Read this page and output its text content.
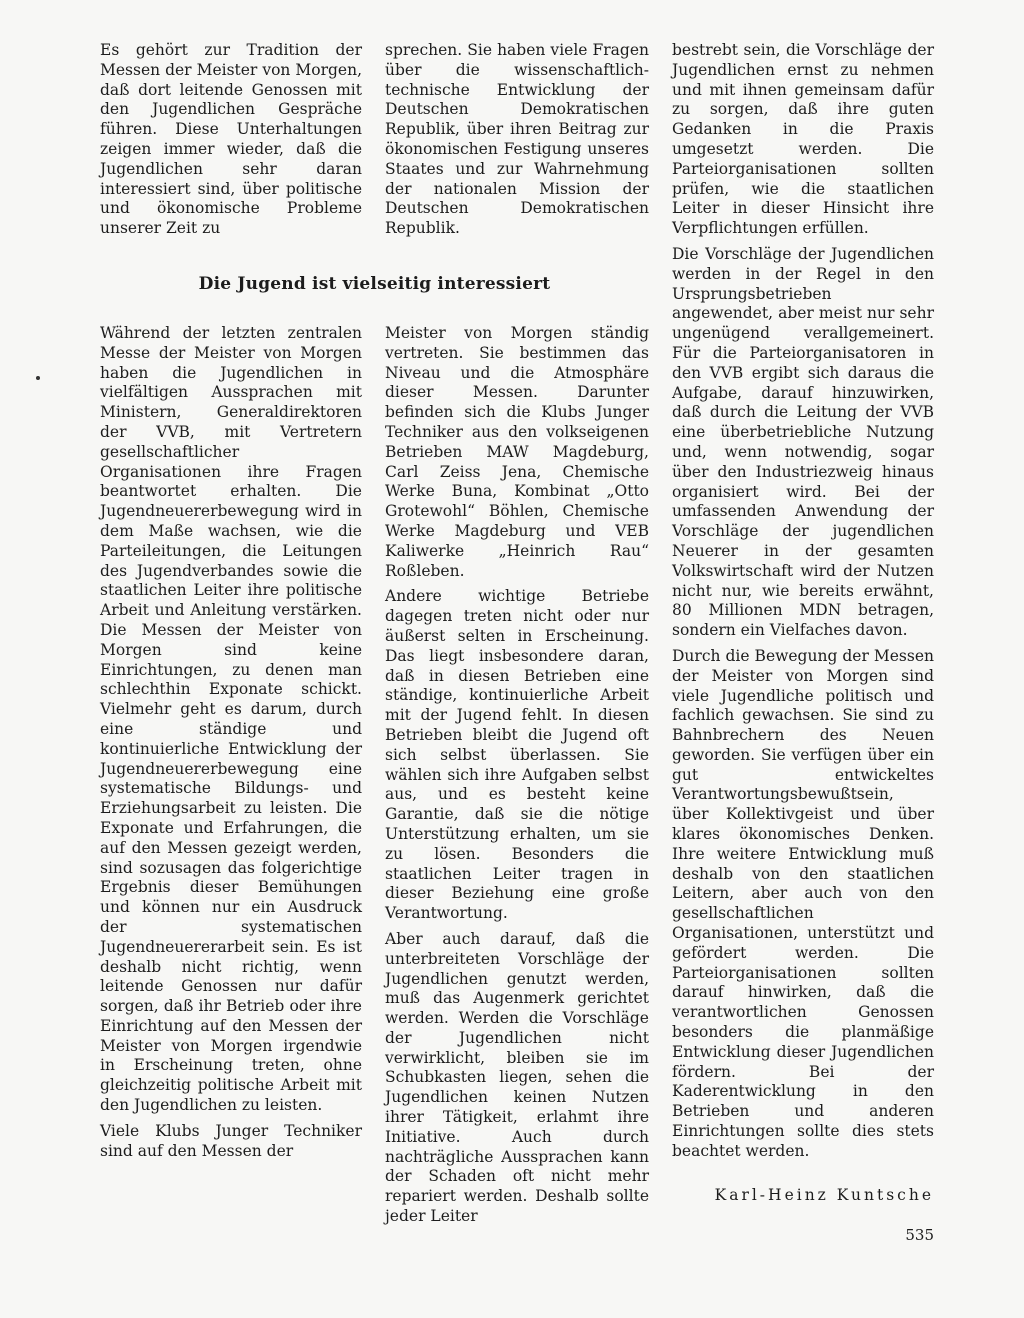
Es gehört zur Tradition der Messen der Meister von Morgen, daß dort leitende Genossen mit den Jugendlichen Gespräche führen. Diese Unterhaltungen zeigen immer wieder, daß die Jugendlichen sehr daran interessiert sind, über politische und ökonomische Probleme unserer Zeit zu

sprechen. Sie haben viele Fragen über die wissenschaftlich-technische Entwicklung der Deutschen Demokratischen Republik, über ihren Beitrag zur ökonomischen Festigung unseres Staates und zur Wahrnehmung der nationalen Mission der Deutschen Demokratischen Republik.

Die Jugend ist vielseitig interessiert

Während der letzten zentralen Messe der Meister von Morgen haben die Jugendlichen in vielfältigen Aussprachen mit Ministern, Generaldirektoren der VVB, mit Vertretern gesellschaftlicher Organisationen ihre Fragen beantwortet erhalten. Die Jugendneuererbewegung wird in dem Maße wachsen, wie die Parteileitungen, die Leitungen des Jugendverbandes sowie die staatlichen Leiter ihre politische Arbeit und Anleitung verstärken. Die Messen der Meister von Morgen sind keine Einrichtungen, zu denen man schlechthin Exponate schickt. Vielmehr geht es darum, durch eine ständige und kontinuierliche Entwicklung der Jugendneuererbewegung eine systematische Bildungs- und Erziehungsarbeit zu leisten. Die Exponate und Erfahrungen, die auf den Messen gezeigt werden, sind sozusagen das folgerichtige Ergebnis dieser Bemühungen und können nur ein Ausdruck der systematischen Jugendneuererarbeit sein. Es ist deshalb nicht richtig, wenn leitende Genossen nur dafür sorgen, daß ihr Betrieb oder ihre Einrichtung auf den Messen der Meister von Morgen irgendwie in Erscheinung treten, ohne gleichzeitig politische Arbeit mit den Jugendlichen zu leisten.

Viele Klubs Junger Techniker sind auf den Messen der

Meister von Morgen ständig vertreten. Sie bestimmen das Niveau und die Atmosphäre dieser Messen. Darunter befinden sich die Klubs Junger Techniker aus den volkseigenen Betrieben MAW Magdeburg, Carl Zeiss Jena, Chemische Werke Buna, Kombinat „Otto Grotewohl“ Böhlen, Chemische Werke Magdeburg und VEB Kaliwerke „Heinrich Rau“ Roßleben.

Andere wichtige Betriebe dagegen treten nicht oder nur äußerst selten in Erscheinung. Das liegt insbesondere daran, daß in diesen Betrieben eine ständige, kontinuierliche Arbeit mit der Jugend fehlt. In diesen Betrieben bleibt die Jugend oft sich selbst überlassen. Sie wählen sich ihre Aufgaben selbst aus, und es besteht keine Garantie, daß sie die nötige Unterstützung erhalten, um sie zu lösen. Besonders die staatlichen Leiter tragen in dieser Beziehung eine große Verantwortung.

Aber auch darauf, daß die unterbreiteten Vorschläge der Jugendlichen genutzt werden, muß das Augenmerk gerichtet werden. Werden die Vorschläge der Jugendlichen nicht verwirklicht, bleiben sie im Schubkasten liegen, sehen die Jugendlichen keinen Nutzen ihrer Tätigkeit, erlahmt ihre Initiative. Auch durch nachträgliche Aussprachen kann der Schaden oft nicht mehr repariert werden. Deshalb sollte jeder Leiter

bestrebt sein, die Vorschläge der Jugendlichen ernst zu nehmen und mit ihnen gemeinsam dafür zu sorgen, daß ihre guten Gedanken in die Praxis umgesetzt werden. Die Parteiorganisationen sollten prüfen, wie die staatlichen Leiter in dieser Hinsicht ihre Verpflichtungen erfüllen.

Die Vorschläge der Jugendlichen werden in der Regel in den Ursprungsbetrieben angewendet, aber meist nur sehr ungenügend verallgemeinert. Für die Parteiorganisatoren in den VVB ergibt sich daraus die Aufgabe, darauf hinzuwirken, daß durch die Leitung der VVB eine überbetriebliche Nutzung und, wenn notwendig, sogar über den Industriezweig hinaus organisiert wird. Bei der umfassenden Anwendung der Vorschläge der jugendlichen Neuerer in der gesamten Volkswirtschaft wird der Nutzen nicht nur, wie bereits erwähnt, 80 Millionen MDN betragen, sondern ein Vielfaches davon.

Durch die Bewegung der Messen der Meister von Morgen sind viele Jugendliche politisch und fachlich gewachsen. Sie sind zu Bahnbrechern des Neuen geworden. Sie verfügen über ein gut entwickeltes Verantwortungsbewußtsein, über Kollektivgeist und über klares ökonomisches Denken. Ihre weitere Entwicklung muß deshalb von den staatlichen Leitern, aber auch von den gesellschaftlichen Organisationen, unterstützt und gefördert werden. Die Parteiorganisationen sollten darauf hinwirken, daß die verantwortlichen Genossen besonders die planmäßige Entwicklung dieser Jugendlichen fördern. Bei der Kaderentwicklung in den Betrieben und anderen Einrichtungen sollte dies stets beachtet werden.

Karl-Heinz Kuntsche
535
